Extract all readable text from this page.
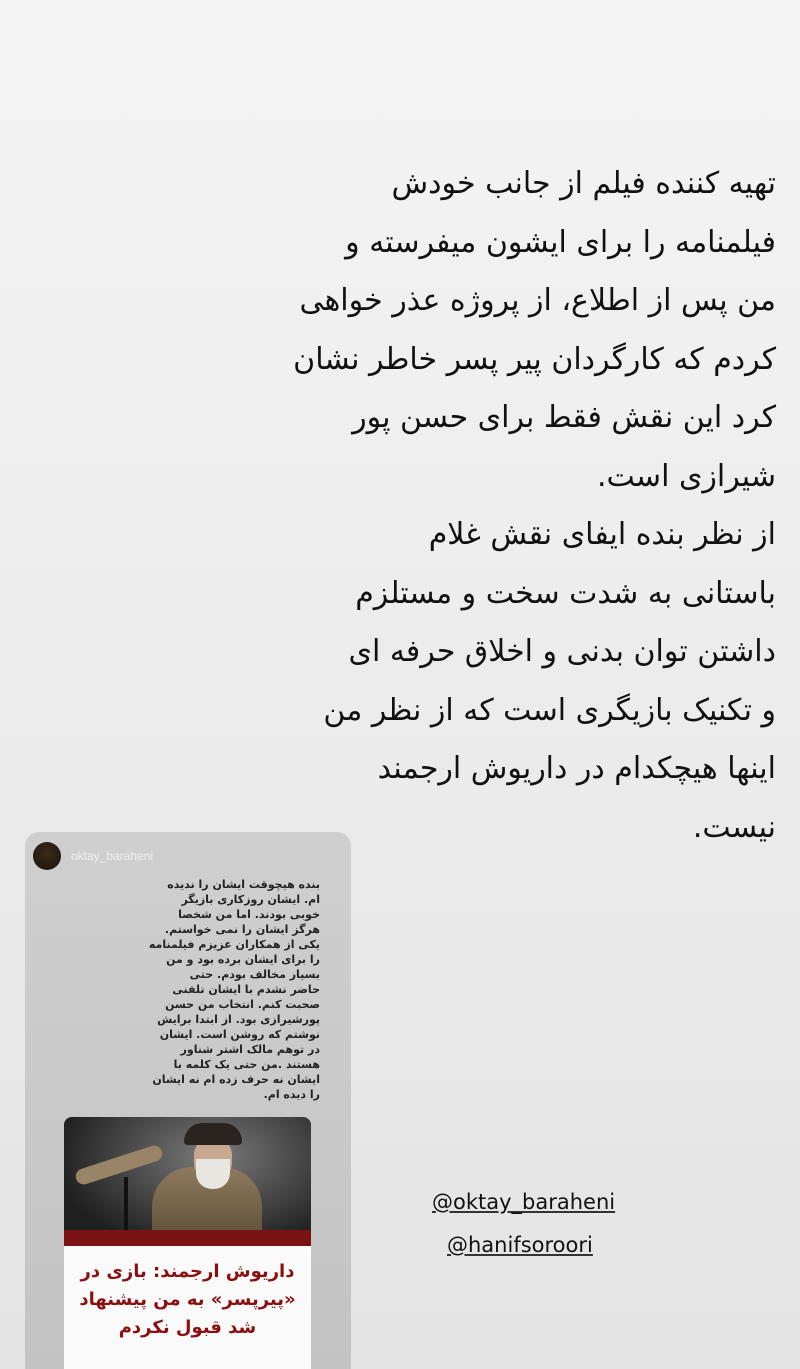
تهیه کننده فیلم از جانب خودش
فیلمنامه را برای ایشون میفرسته و
من پس از اطلاع، از پروژه عذر خواهی
کردم که کارگردان پیر پسر خاطر نشان
کرد این نقش فقط برای حسن پور
شیرازی است.
از نظر بنده ایفای نقش غلام
باستانی به شدت سخت و مستلزم
داشتن توان بدنی و اخلاق حرفه ای
و تکنیک بازیگری است که از نظر من
اینها هیچکدام در داریوش ارجمند
نیست.
oktay_baraheni
بنده هیچوقت ایشان را ندیده
ام. ایشان روزکاری بازیگر
خوبی بودند. اما من شخصا
هرگز ایشان را نمی خواستم.
یکی از همکاران عزیزم فیلمنامه
را برای ایشان برده بود و من
بسیار مخالف بودم. حتی
حاضر نشدم با ایشان تلفنی
صحبت کنم. انتخاب من حسن
پورشیرازی بود. از ابتدا برایش
نوشتم که روشن است. ایشان
در توهم مالک اشتر شناور
هستند .من حتی یک کلمه با
ایشان نه حرف زده ام نه ایشان
را دیده ام.
داریوش ارجمند: بازی در
«پیرپسر» به من پیشنهاد
شد قبول نکردم
@oktay_baraheni
@hanifsoroori
